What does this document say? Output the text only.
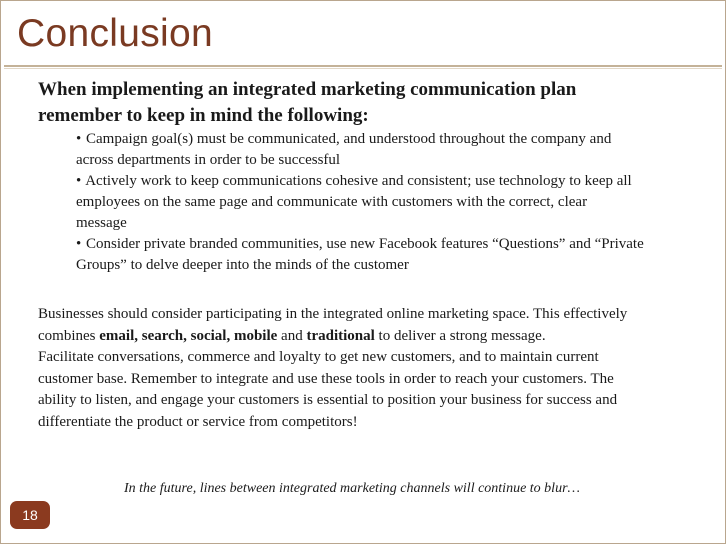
Conclusion
When implementing an integrated marketing communication plan
remember to keep in mind the following:
• Campaign goal(s) must be communicated, and understood throughout the company and
across departments in order to be successful
• Actively work to keep communications cohesive and consistent; use technology to keep all
employees on the same page and communicate with customers with the correct, clear
message
• Consider private branded communities, use new Facebook features “Questions” and “Private
Groups” to delve deeper into the minds of the customer
Businesses should consider participating in the integrated online marketing space. This effectively
combines email, search, social, mobile and traditional to deliver a strong message.
Facilitate conversations, commerce and loyalty to get new customers, and to maintain current
customer base. Remember to integrate and use these tools in order to reach your customers. The
ability to listen, and engage your customers is essential to position your business for success and
differentiate the product or service from competitors!
In the future, lines between integrated marketing channels will continue to blur…
18
